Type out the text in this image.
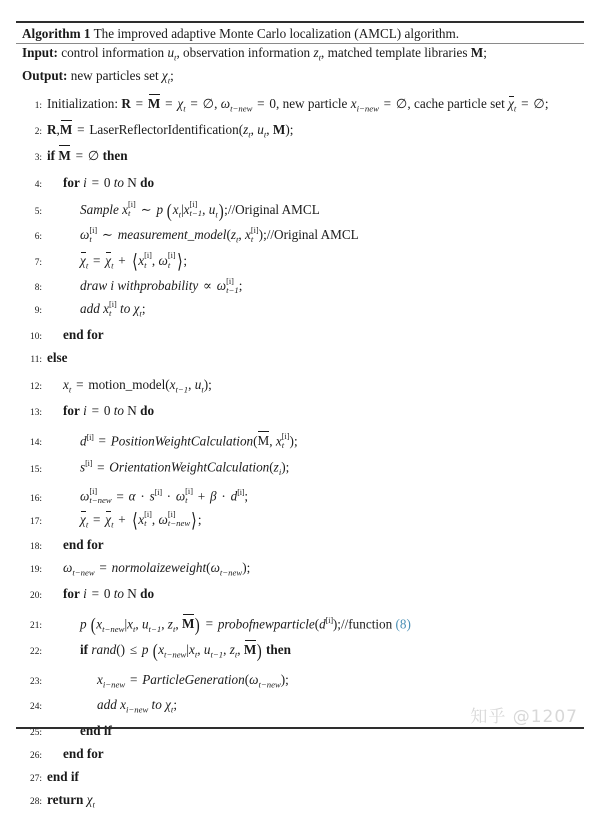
Algorithm 1 The improved adaptive Monte Carlo localization (AMCL) algorithm.
Input: control information $u_t$, observation information $z_t$, matched template libraries M;
Output: new particles set $\chi_t$;
1: Initialization: $R = M = \chi_t$ = ∅, $\omega_{t-new} = 0$, new particle $x_{i-new}$ = ∅, cache particle set $\chi_t$ = ∅;
2: $R,M = LaserReflectorIdentification(z_t$, $u_t$, M);
3: if M = ∅ then
4:	for i = 0 to N do
5:	Sample x [i]
t ∼ p ($x_t|x$ [i]
t−1 , $u_t);/$/Original AMCL
6:	ω [i]
t ∼ $measurement\_model(z_t$, x [i]
t );//Original AMCL
7:	$\chi_t = \chi_t$ + ⟨x [i]
t , ω [i]
t ⟩;
8:	draw i withprobability ∝ ω [i]
t−1 ;
9:	add x [i]
t to $\chi_t$;
10:	end for
11: else
12:	$x_t$ = $motion\_model(x_{t-1}$, $u_t$);
13:	for i = 0 to N do
14:	d[i] = PositionWeightCalculation(M, x [i]
t );
15:	$s[i] = OrientationWeightCalculation(z_i)$;
16:	ω [i]
t−new = α · s[i] · ω [i]
t + β · d[i];
17:	$\chi_t = \chi_t$ + ⟨x [i]
t , ω [i]
t−new ⟩;
18:	end for
19:	$\omega_{t-new}$ = $normolaizeweight(\omega_{t-new})$;
20:	for i = 0 to N do
21:	p ($x_{t-new}|x_t$, $u_{t-1}$, $z_t$, M) = probofnewparticle(d[i]);//function (8)
22:	if rand() ≤ p ($x_{t-new}|x_t$, $u_{t-1}$, $z_t$, M) then
23:	$x_{i-new}$ = $ParticleGeneration(\omega_{t-new})$;
24:	add $x_{i-new}$ to $\chi_t$;
25:	end if
26:	end for
27: end if
28: return $\chi_t$
知乎 @1207
